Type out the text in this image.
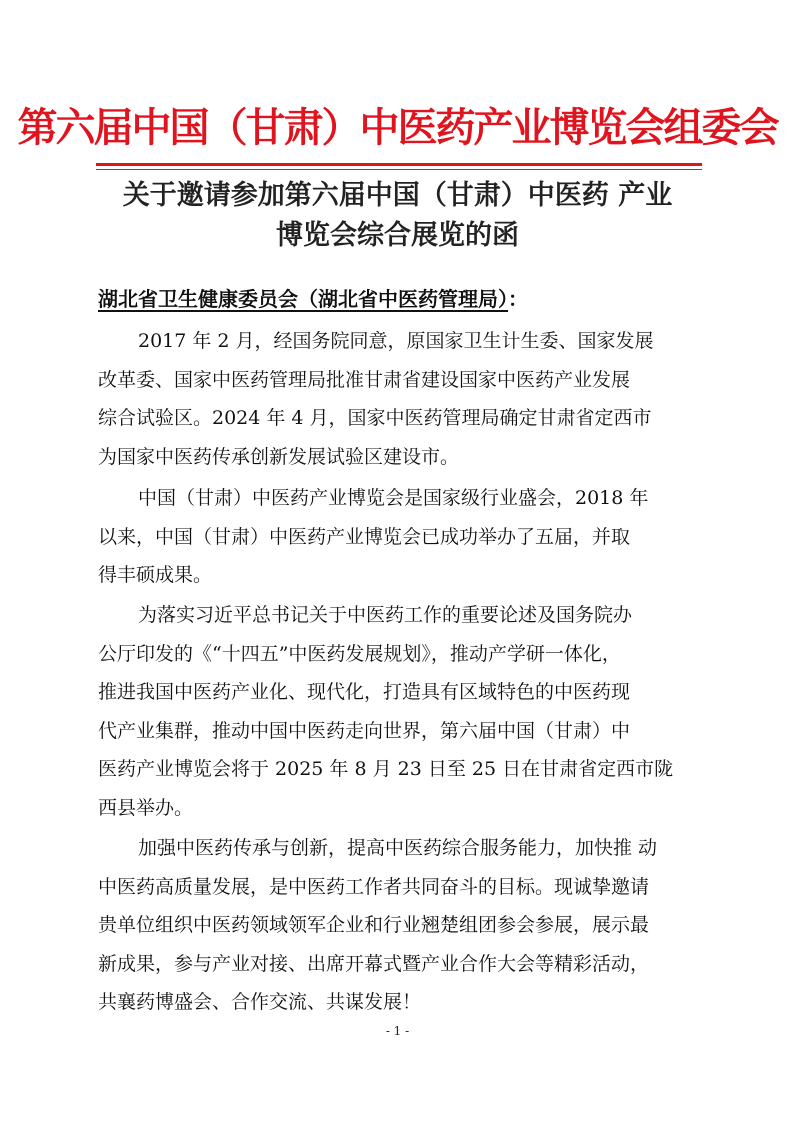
第六届中国（甘肃）中医药产业博览会组委会
关于邀请参加第六届中国（甘肃）中医药 产业
博览会综合展览的函
湖北省卫生健康委员会（湖北省中医药管理局）：
2017 年 2 月，经国务院同意，原国家卫生计生委、国家发展
改革委、国家中医药管理局批准甘肃省建设国家中医药产业发展
综合试验区。2024 年 4 月，国家中医药管理局确定甘肃省定西市
为国家中医药传承创新发展试验区建设市。
中国（甘肃）中医药产业博览会是国家级行业盛会，2018 年
以来，中国（甘肃）中医药产业博览会已成功举办了五届，并取
得丰硕成果。
为落实习近平总书记关于中医药工作的重要论述及国务院办
公厅印发的《“十四五”中医药发展规划》，推动产学研一体化，
推进我国中医药产业化、现代化，打造具有区域特色的中医药现
代产业集群，推动中国中医药走向世界，第六届中国（甘肃）中
医药产业博览会将于 2025 年 8 月 23 日至 25 日在甘肃省定西市陇
西县举办。
加强中医药传承与创新，提高中医药综合服务能力，加快推 动
中医药高质量发展，是中医药工作者共同奋斗的目标。现诚挚邀请
贵单位组织中医药领域领军企业和行业翘楚组团参会参展，展示最
新成果，参与产业对接、出席开幕式暨产业合作大会等精彩活动，
共襄药博盛会、合作交流、共谋发展！
- 1 -
